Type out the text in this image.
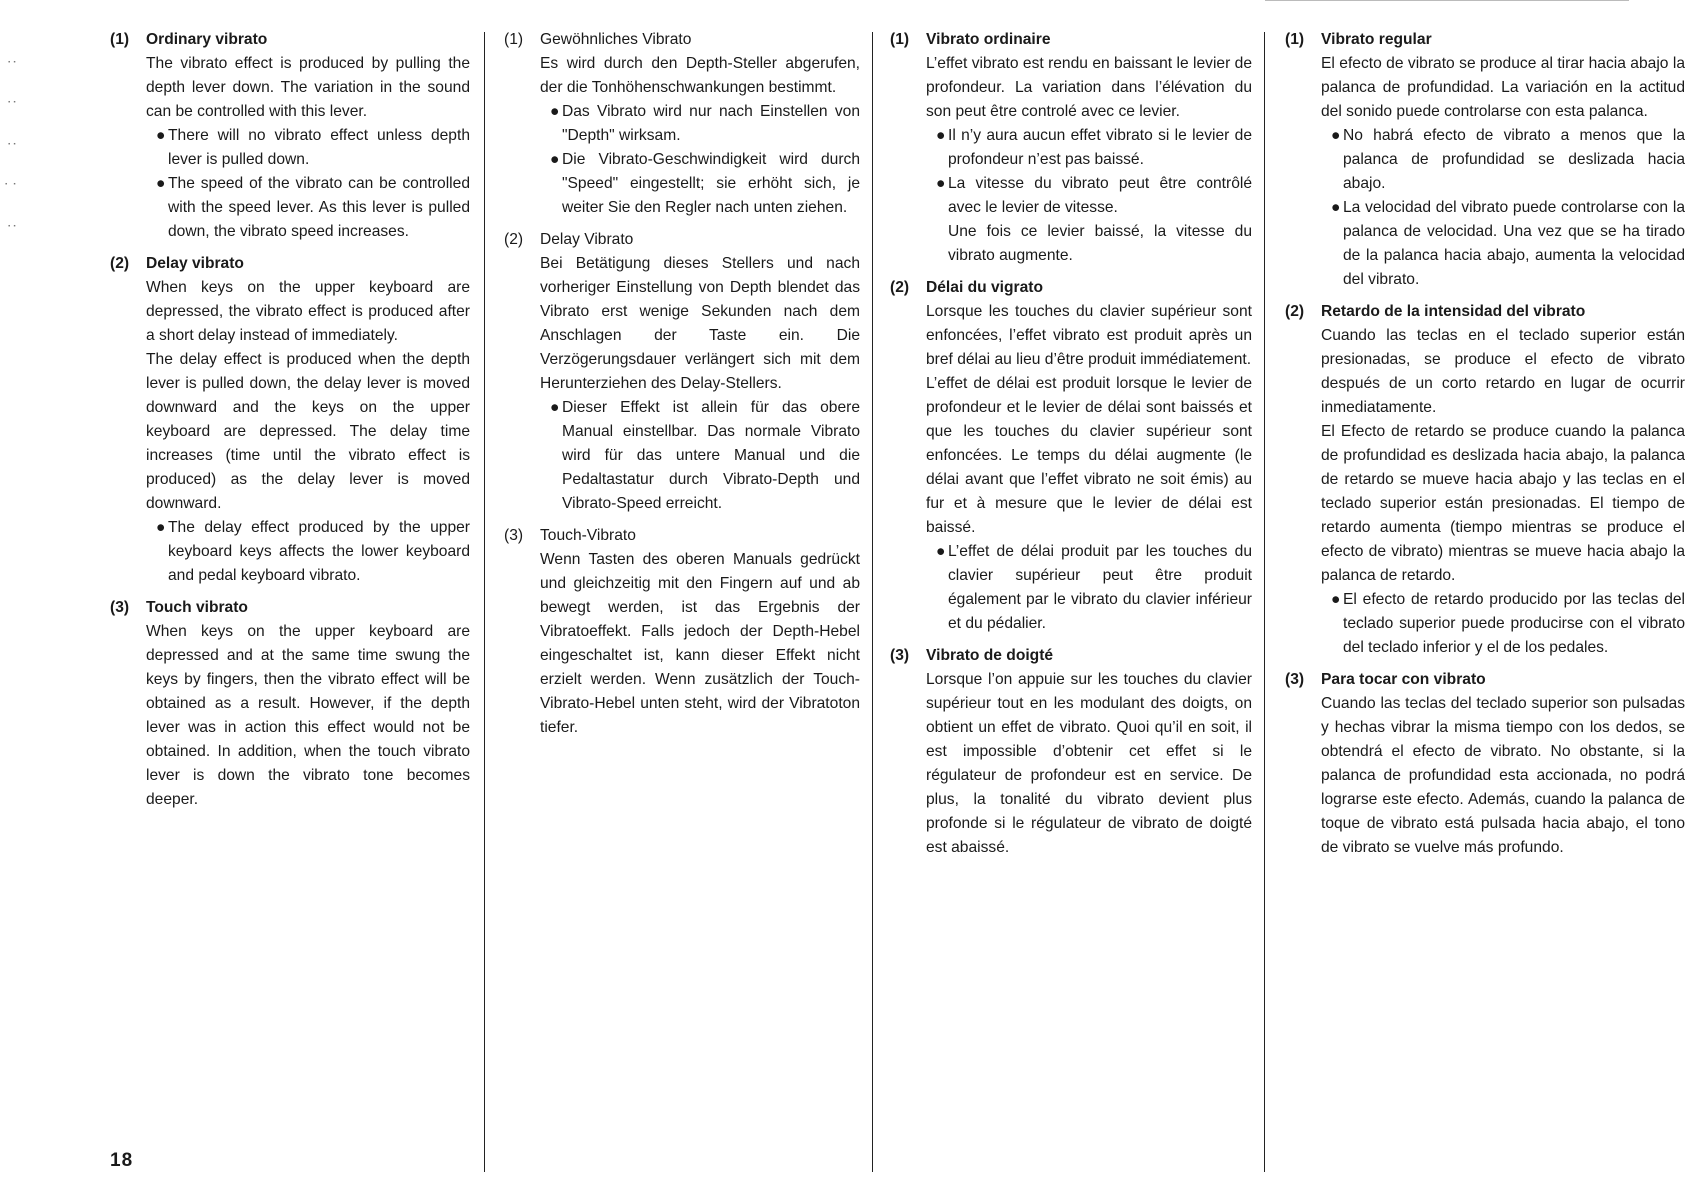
⠐⠂
⠐⠂
⠐⠂
⠂⠂
⠐⠂
(1)	Ordinary vibrato
The vibrato effect is produced by pulling the depth lever down. The variation in the sound can be controlled with this lever.
● There will no vibrato effect unless depth lever is pulled down.
● The speed of the vibrato can be controlled with the speed lever. As this lever is pulled down, the vibrato speed increases.
(2)	Delay vibrato
When keys on the upper keyboard are depressed, the vibrato effect is produced after a short delay instead of immediately.
The delay effect is produced when the depth lever is pulled down, the delay lever is moved downward and the keys on the upper keyboard are depressed. The delay time increases (time until the vibrato effect is produced) as the delay lever is moved downward.
● The delay effect produced by the upper keyboard keys affects the lower keyboard and pedal keyboard vibrato.
(3)	Touch vibrato
When keys on the upper keyboard are depressed and at the same time swung the keys by fingers, then the vibrato effect will be obtained as a result. However, if the depth lever was in action this effect would not be obtained. In addition, when the touch vibrato lever is down the vibrato tone becomes deeper.
(1)	Gewöhnliches Vibrato
Es wird durch den Depth-Steller abgerufen, der die Tonhöhenschwankungen bestimmt.
● Das Vibrato wird nur nach Einstellen von "Depth" wirksam.
● Die Vibrato-Geschwindigkeit wird durch "Speed" eingestellt; sie erhöht sich, je weiter Sie den Regler nach unten ziehen.
(2)	Delay Vibrato
Bei Betätigung dieses Stellers und nach vorheriger Einstellung von Depth blendet das Vibrato erst wenige Sekunden nach dem Anschlagen der Taste ein. Die Verzögerungsdauer verlängert sich mit dem Herunterziehen des Delay-Stellers.
● Dieser Effekt ist allein für das obere Manual einstellbar. Das normale Vibrato wird für das untere Manual und die Pedaltastatur durch Vibrato-Depth und Vibrato-Speed erreicht.
(3)	Touch-Vibrato
Wenn Tasten des oberen Manuals gedrückt und gleichzeitig mit den Fingern auf und ab bewegt werden, ist das Ergebnis der Vibratoeffekt. Falls jedoch der Depth-Hebel eingeschaltet ist, kann dieser Effekt nicht erzielt werden. Wenn zusätzlich der Touch-Vibrato-Hebel unten steht, wird der Vibratoton tiefer.
(1)	Vibrato ordinaire
L’effet vibrato est rendu en baissant le levier de profondeur. La variation dans l’élévation du son peut être controlé avec ce levier.
● Il n’y aura aucun effet vibrato si le levier de profondeur n’est pas baissé.
● La vitesse du vibrato peut être contrôlé avec le levier de vitesse.
Une fois ce levier baissé, la vitesse du vibrato augmente.
(2)	Délai du vigrato
Lorsque les touches du clavier supérieur sont enfoncées, l’effet vibrato est produit après un bref délai au lieu d’être produit immédiatement.
L’effet de délai est produit lorsque le levier de profondeur et le levier de délai sont baissés et que les touches du clavier supérieur sont enfoncées. Le temps du délai augmente (le délai avant que l’effet vibrato ne soit émis) au fur et à mesure que le levier de délai est baissé.
● L’effet de délai produit par les touches du clavier supérieur peut être produit également par le vibrato du clavier inférieur et du pédalier.
(3)	Vibrato de doigté
Lorsque l’on appuie sur les touches du clavier supérieur tout en les modulant des doigts, on obtient un effet de vibrato. Quoi qu’il en soit, il est impossible d’obtenir cet effet si le régulateur de profondeur est en service. De plus, la tonalité du vibrato devient plus profonde si le régulateur de vibrato de doigté est abaissé.
(1)	Vibrato regular
El efecto de vibrato se produce al tirar hacia abajo la palanca de profundidad. La variación en la actitud del sonido puede controlarse con esta palanca.
● No habrá efecto de vibrato a menos que la palanca de profundidad se deslizada hacia abajo.
● La velocidad del vibrato puede controlarse con la palanca de velocidad. Una vez que se ha tirado de la palanca hacia abajo, aumenta la velocidad del vibrato.
(2)	Retardo de la intensidad del vibrato
Cuando las teclas en el teclado superior están presionadas, se produce el efecto de vibrato después de un corto retardo en lugar de ocurrir inmediatamente.
El Efecto de retardo se produce cuando la palanca de profundidad es deslizada hacia abajo, la palanca de retardo se mueve hacia abajo y las teclas en el teclado superior están presionadas. El tiempo de retardo aumenta (tiempo mientras se produce el efecto de vibrato) mientras se mueve hacia abajo la palanca de retardo.
● El efecto de retardo producido por las teclas del teclado superior puede producirse con el vibrato del teclado inferior y el de los pedales.
(3)	Para tocar con vibrato
Cuando las teclas del teclado superior son pulsadas y hechas vibrar la misma tiempo con los dedos, se obtendrá el efecto de vibrato. No obstante, si la palanca de profundidad esta accionada, no podrá lograrse este efecto. Además, cuando la palanca de toque de vibrato está pulsada hacia abajo, el tono de vibrato se vuelve más profundo.
18
